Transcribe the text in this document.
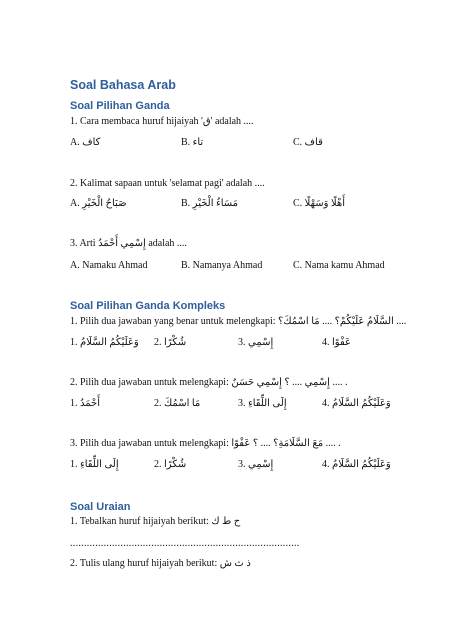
Soal Bahasa Arab
Soal Pilihan Ganda
1. Cara membaca huruf hijaiyah 'ق' adalah ....
A. كاف	B. تاء	C. قاف
2. Kalimat sapaan untuk 'selamat pagi' adalah ....
A. صَبَاحُ الْخَيْرِ	B. مَسَاءُ الْخَيْرِ	C. أَهْلًا وَسَهْلًا
3. Arti إِسْمِي أَحْمَدُ adalah ....
A. Namaku Ahmad	B. Namanya Ahmad	C. Nama kamu Ahmad
Soal Pilihan Ganda Kompleks
1. Pilih dua jawaban yang benar untuk melengkapi: السَّلَامُ عَلَيْكُمْ؟ .... مَا اسْمُكَ؟ ....
1. وَعَلَيْكُمُ السَّلَامُ 2. شُكْرًا	3. إِسْمِي	4. عَفْوًا
2. Pilih dua jawaban untuk melengkapi: إِسْمِي .... ؟ إِسْمِي حَسَنٌ .... .
1. أَحْمَدُ	2. مَا اسْمُكَ	3. إِلَى اللِّقَاءِ	4. وَعَلَيْكُمُ السَّلَامُ
3. Pilih dua jawaban untuk melengkapi: مَعَ السَّلَامَةِ؟ .... ؟ عَفْوًا .... .
1. إِلَى اللِّقَاءِ	2. شُكْرًا	3. إِسْمِي	4. وَعَلَيْكُمُ السَّلَامُ
Soal Uraian
1. Tebalkan huruf hijaiyah berikut: ح ط ك
..................................................................................
2. Tulis ulang huruf hijaiyah berikut: ذ ث ش
